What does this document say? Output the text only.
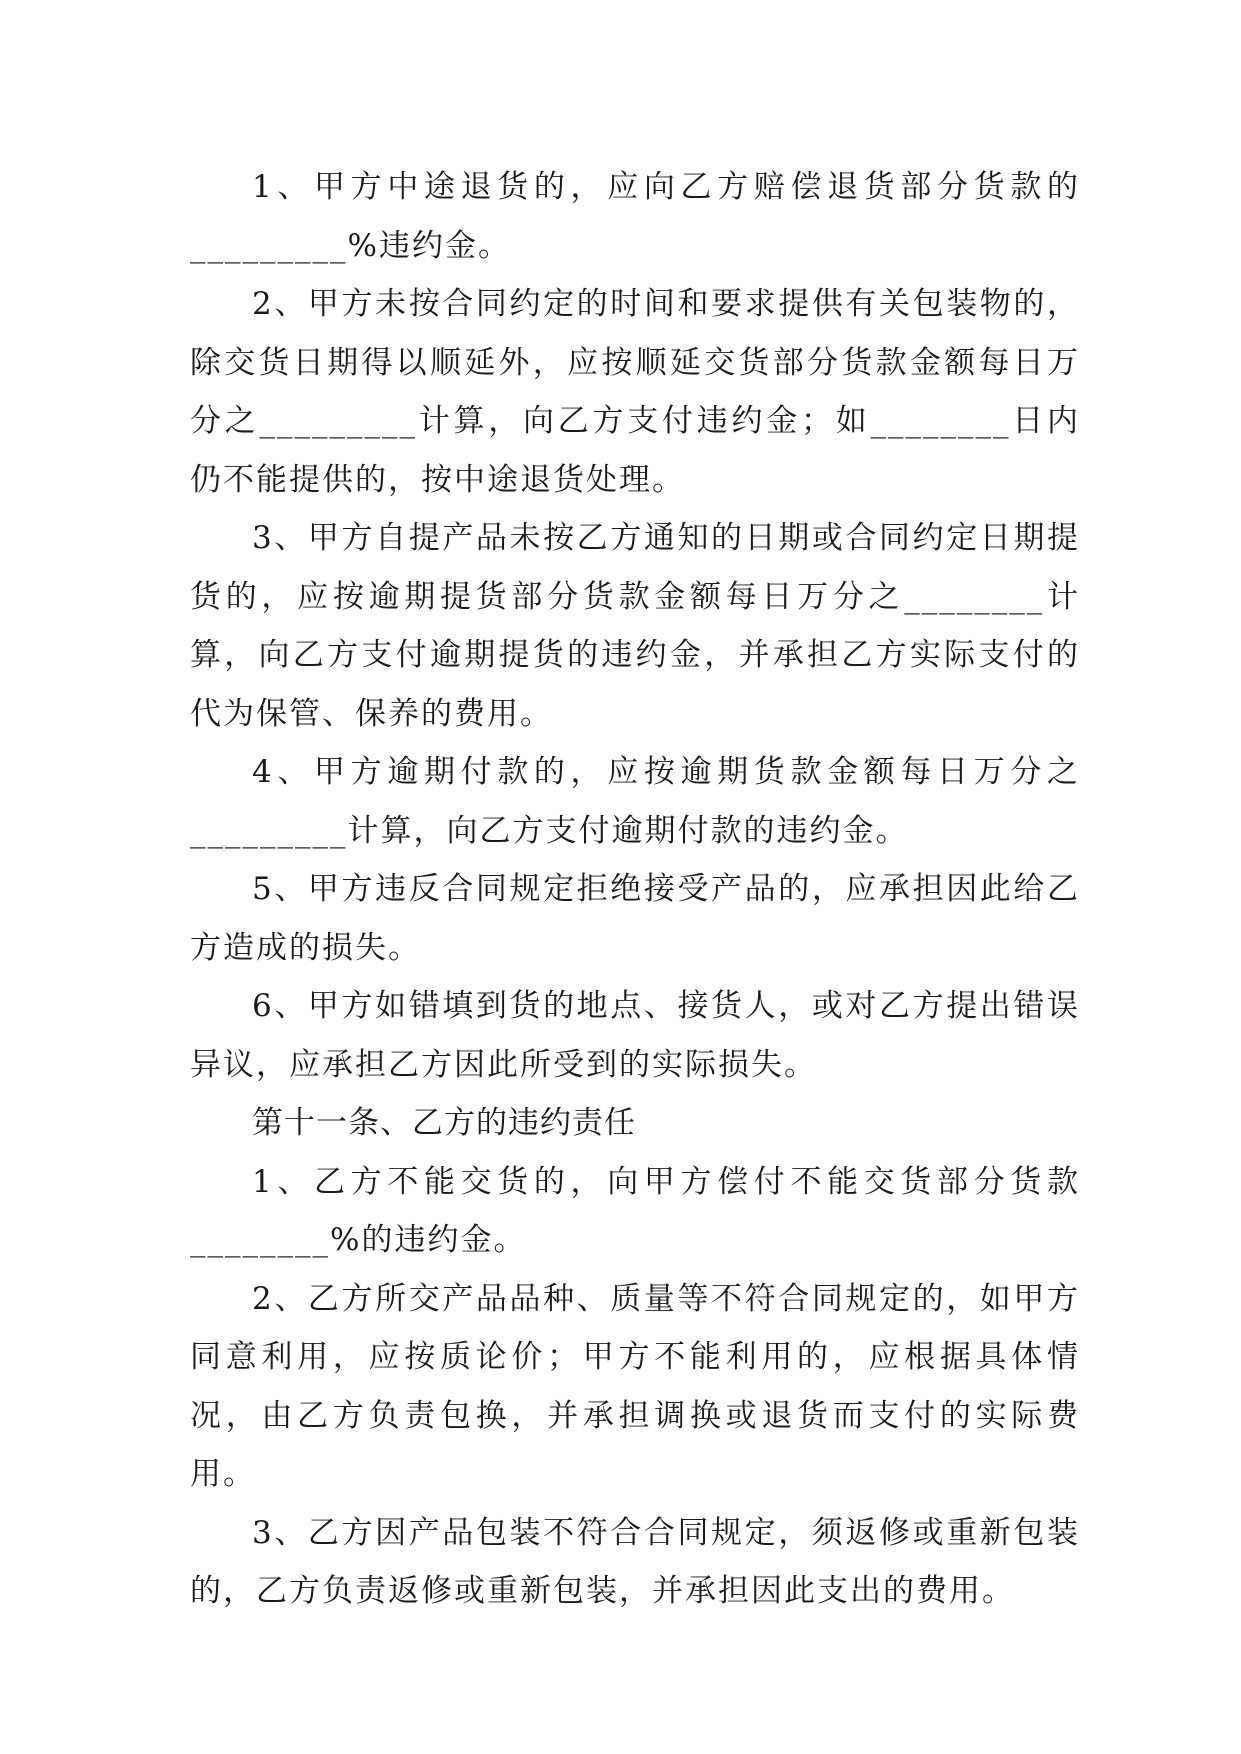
1、甲方中途退货的，应向乙方赔偿退货部分货款的_________%违约金。

2、甲方未按合同约定的时间和要求提供有关包装物的，除交货日期得以顺延外，应按顺延交货部分货款金额每日万分之_________计算，向乙方支付违约金；如________日内仍不能提供的，按中途退货处理。

3、甲方自提产品未按乙方通知的日期或合同约定日期提货的，应按逾期提货部分货款金额每日万分之________计算，向乙方支付逾期提货的违约金，并承担乙方实际支付的代为保管、保养的费用。

4、甲方逾期付款的，应按逾期货款金额每日万分之_________计算，向乙方支付逾期付款的违约金。

5、甲方违反合同规定拒绝接受产品的，应承担因此给乙方造成的损失。

6、甲方如错填到货的地点、接货人，或对乙方提出错误异议，应承担乙方因此所受到的实际损失。

第十一条、乙方的违约责任

1、乙方不能交货的，向甲方偿付不能交货部分货款________%的违约金。

2、乙方所交产品品种、质量等不符合同规定的，如甲方同意利用，应按质论价；甲方不能利用的，应根据具体情况，由乙方负责包换，并承担调换或退货而支付的实际费用。

3、乙方因产品包装不符合合同规定，须返修或重新包装的，乙方负责返修或重新包装，并承担因此支出的费用。
